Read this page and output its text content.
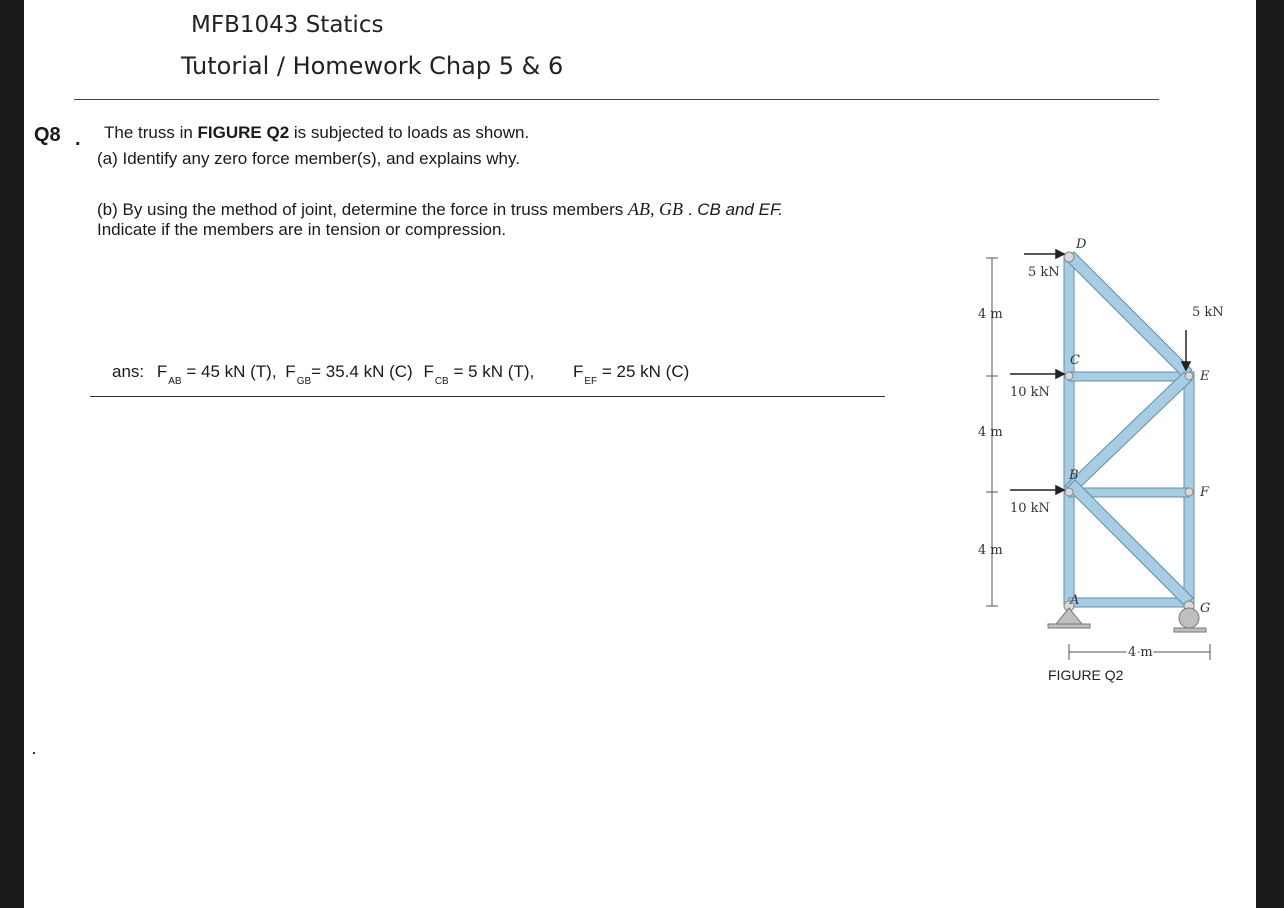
MFB1043 Statics
Tutorial / Homework Chap 5 & 6
Q8 . The truss in FIGURE Q2 is subjected to loads as shown.
(a) Identify any zero force member(s), and explains why.
(b) By using the method of joint, determine the force in truss members AB, GB . CB and EF.
Indicate if the members are in tension or compression.
ans: $F_{AB} = 45$ kN (T), $F_{GB}= 35.4$ kN (C) $F_{CB} = 5$ kN (T), $F_{EF} = 25$ kN (C)
D
C
E
B
F
A
G
5 kN
5 kN
10 kN
10 kN
4 m
4 m
4 m
4 m
FIGURE Q2
